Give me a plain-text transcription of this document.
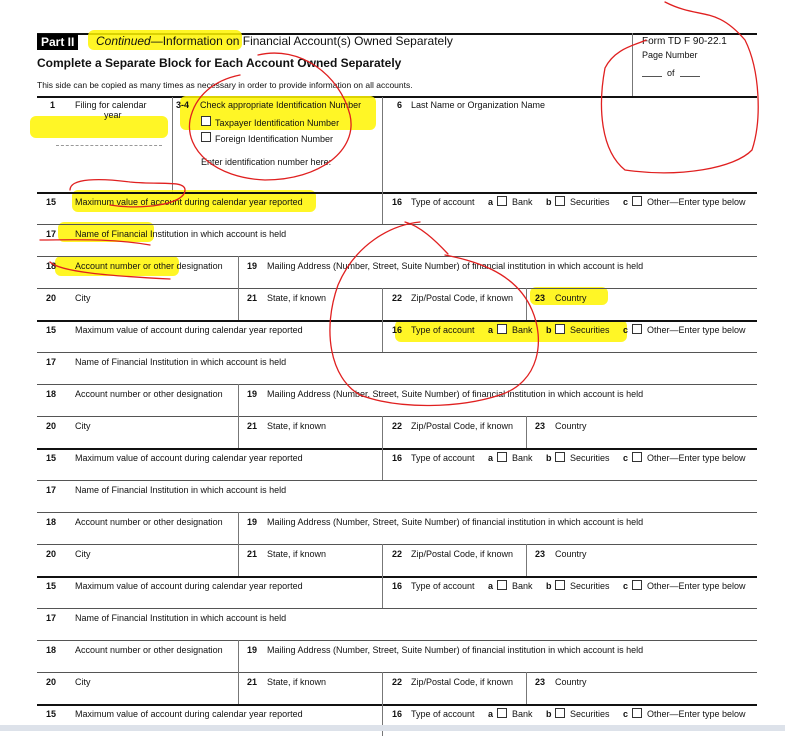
Part II	Continued—Information on Financial Account(s) Owned Separately	Form TD F 90-22.1
Page Number
of
Complete a Separate Block for Each Account Owned Separately
This side can be copied as many times as necessary in order to provide information on all accounts.
1 Filing for calendar
year
3-4 Check appropriate Identification Number
Taxpayer Identification Number
Foreign Identification Number
Enter identification number here:
6 Last Name or Organization Name
15 Maximum value of account during calendar year reported	16 Type of account a Bank b Securities c Other—Enter type below
17 Name of Financial Institution in which account is held
18 Account number or other designation	19 Mailing Address (Number, Street, Suite Number) of financial institution in which account is held
20 City	21 State, if known	22 Zip/Postal Code, if known 23 Country
15 Maximum value of account during calendar year reported	16 Type of account a Bank b Securities c Other—Enter type below
17 Name of Financial Institution in which account is held
18 Account number or other designation	19 Mailing Address (Number, Street, Suite Number) of financial institution in which account is held
20 City	21 State, if known	22 Zip/Postal Code, if known 23 Country
15 Maximum value of account during calendar year reported	16 Type of account a Bank b Securities c Other—Enter type below
17 Name of Financial Institution in which account is held
18 Account number or other designation	19 Mailing Address (Number, Street, Suite Number) of financial institution in which account is held
20 City	21 State, if known	22 Zip/Postal Code, if known 23 Country
15 Maximum value of account during calendar year reported	16 Type of account a Bank b Securities c Other—Enter type below
17 Name of Financial Institution in which account is held
18 Account number or other designation	19 Mailing Address (Number, Street, Suite Number) of financial institution in which account is held
20 City	21 State, if known	22 Zip/Postal Code, if known 23 Country
15 Maximum value of account during calendar year reported	16 Type of account a Bank b Securities c Other—Enter type below
